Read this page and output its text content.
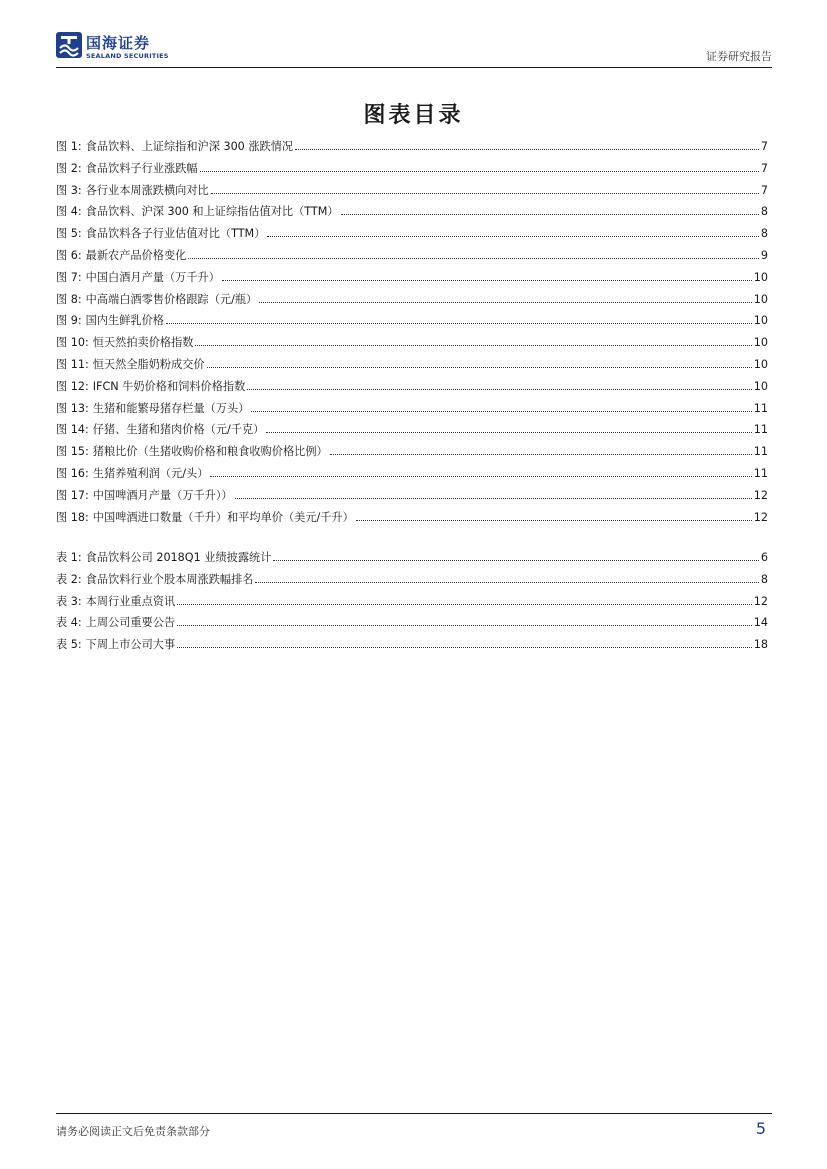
国海证券
SEALAND SECURITIES	证券研究报告
图表目录
图 1: 食品饮料、上证综指和沪深 300 涨跌情况	7
图 2: 食品饮料子行业涨跌幅	7
图 3: 各行业本周涨跌横向对比	7
图 4: 食品饮料、沪深 300 和上证综指估值对比（TTM）	8
图 5: 食品饮料各子行业估值对比（TTM）	8
图 6: 最新农产品价格变化	9
图 7: 中国白酒月产量（万千升）	10
图 8: 中高端白酒零售价格跟踪（元/瓶）	10
图 9: 国内生鲜乳价格	10
图 10: 恒天然拍卖价格指数	10
图 11: 恒天然全脂奶粉成交价	10
图 12: IFCN 牛奶价格和饲料价格指数	10
图 13: 生猪和能繁母猪存栏量（万头）	11
图 14: 仔猪、生猪和猪肉价格（元/千克）	11
图 15: 猪粮比价（生猪收购价格和粮食收购价格比例）	11
图 16: 生猪养殖利润（元/头）	11
图 17: 中国啤酒月产量（万千升））	12
图 18: 中国啤酒进口数量（千升）和平均单价（美元/千升）	12
表 1: 食品饮料公司 2018Q1 业绩披露统计	6
表 2: 食品饮料行业个股本周涨跌幅排名	8
表 3: 本周行业重点资讯	12
表 4: 上周公司重要公告	14
表 5: 下周上市公司大事	18
请务必阅读正文后免责条款部分	5
